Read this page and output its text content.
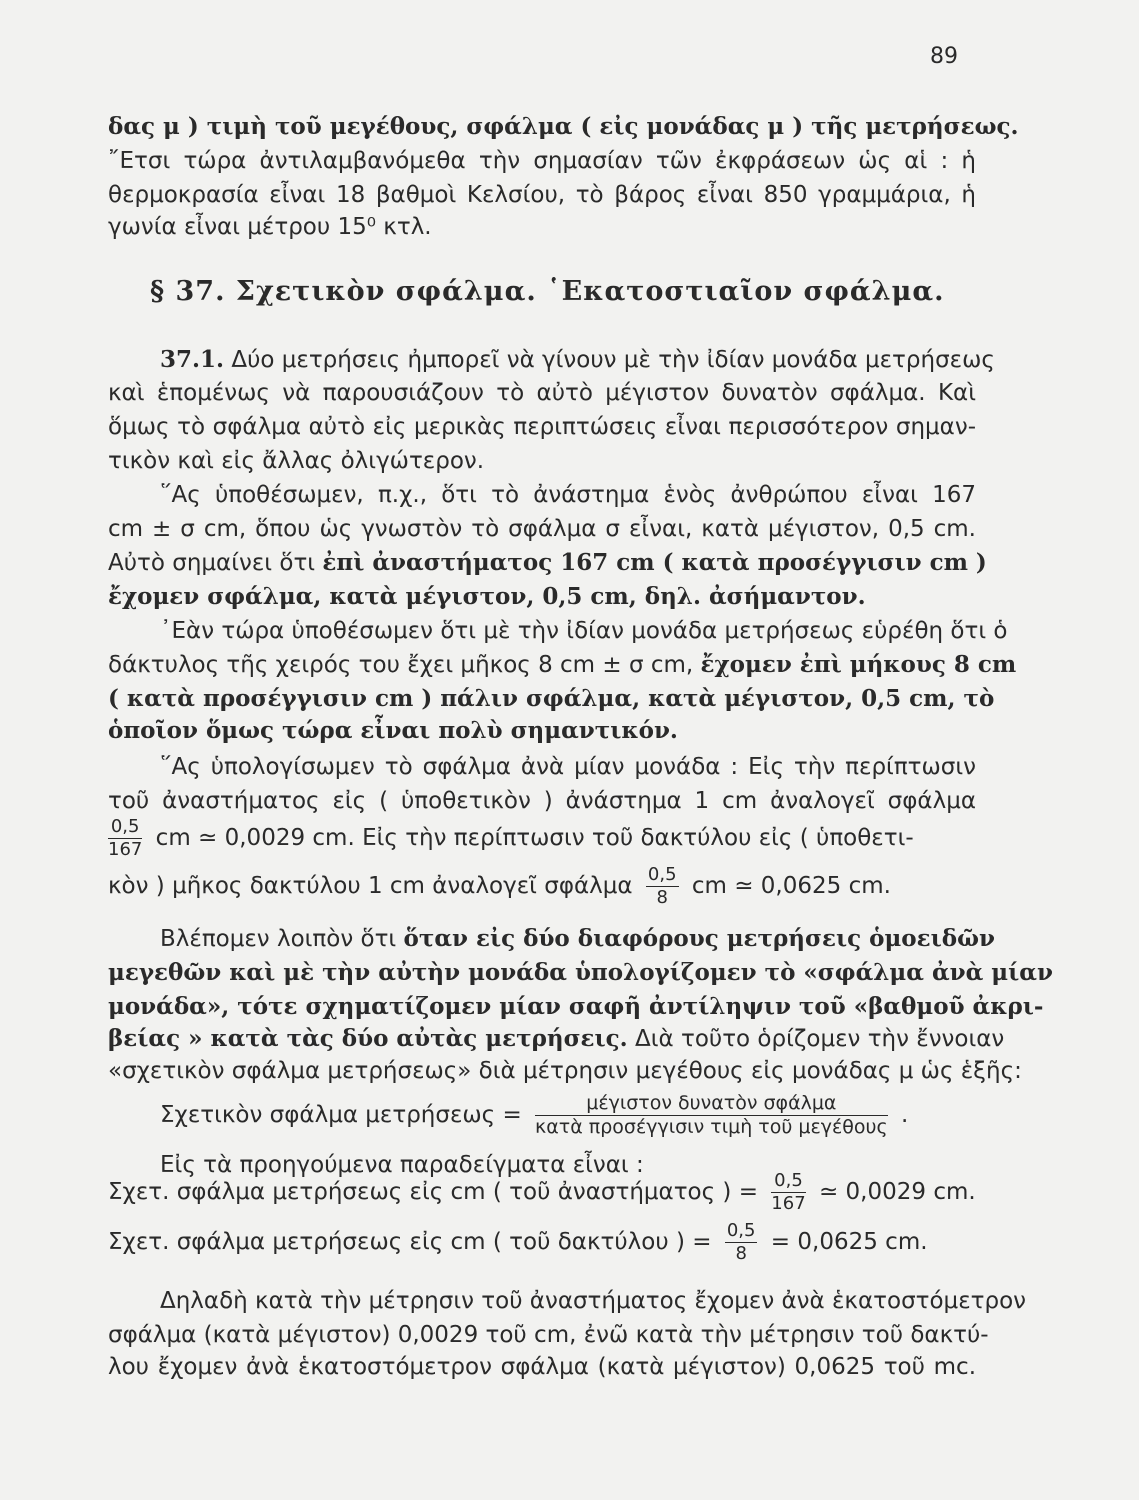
89
δας μ ) τιμὴ τοῦ μεγέθους, σφάλμα ( εἰς μονάδας μ ) τῆς μετρήσεως.
῎Ετσι τώρα ἀντιλαμβανόμεθα τὴν σημασίαν τῶν ἐκφράσεων ὡς αἱ : ἡ
θερμοκρασία εἶναι 18 βαθμοὶ Κελσίου, τὸ βάρος εἶναι 850 γραμμάρια, ἡ
γωνία εἶναι μέτρου 15⁰ κτλ.
§ 37. Σχετικὸν σφάλμα. ῾Εκατοστιαῖον σφάλμα.
37.1. Δύο μετρήσεις ἠμπορεῖ νὰ γίνουν μὲ τὴν ἰδίαν μονάδα μετρήσεως
καὶ ἑπομένως νὰ παρουσιάζουν τὸ αὐτὸ μέγιστον δυνατὸν σφάλμα. Καὶ
ὅμως τὸ σφάλμα αὐτὸ εἰς μερικὰς περιπτώσεις εἶναι περισσότερον σημαν-
τικὸν καὶ εἰς ἄλλας ὀλιγώτερον.
῞Ας ὑποθέσωμεν, π.χ., ὅτι τὸ ἀνάστημα ἑνὸς ἀνθρώπου εἶναι 167
cm ± σ cm, ὅπου ὡς γνωστὸν τὸ σφάλμα σ εἶναι, κατὰ μέγιστον, 0,5 cm.
Αὐτὸ σημαίνει ὅτι ἐπὶ ἀναστήματος 167 cm ( κατὰ προσέγγισιν cm )
ἔχομεν σφάλμα, κατὰ μέγιστον, 0,5 cm, δηλ. ἀσήμαντον.
᾿Εὰν τώρα ὑποθέσωμεν ὅτι μὲ τὴν ἰδίαν μονάδα μετρήσεως εὑρέθη ὅτι ὁ
δάκτυλος τῆς χειρός του ἔχει μῆκος 8 cm ± σ cm, ἔχομεν ἐπὶ μήκους 8 cm
( κατὰ προσέγγισιν cm ) πάλιν σφάλμα, κατὰ μέγιστον, 0,5 cm, τὸ
ὁποῖον ὅμως τώρα εἶναι πολὺ σημαντικόν.
῞Ας ὑπολογίσωμεν τὸ σφάλμα ἀνὰ μίαν μονάδα : Εἰς τὴν περίπτωσιν
τοῦ ἀναστήματος εἰς ( ὑποθετικὸν ) ἀνάστημα 1 cm ἀναλογεῖ σφάλμα
$\frac{0,5}{167}$ cm ≃ 0,0029 cm. Εἰς τὴν περίπτωσιν τοῦ δακτύλου εἰς ( ὑποθετι-
κὸν ) μῆκος δακτύλου 1 cm ἀναλογεῖ σφάλμα $\frac{0,5}{8}$ cm ≃ 0,0625 cm.
Βλέπομεν λοιπὸν ὅτι ὅταν εἰς δύο διαφόρους μετρήσεις ὁμοειδῶν
μεγεθῶν καὶ μὲ τὴν αὐτὴν μονάδα ὑπολογίζομεν τὸ «σφάλμα ἀνὰ μίαν
μονάδα», τότε σχηματίζομεν μίαν σαφῆ ἀντίληψιν τοῦ «βαθμοῦ ἀκρι-
βείας » κατὰ τὰς δύο αὐτὰς μετρήσεις. Διὰ τοῦτο ὁρίζομεν τὴν ἔννοιαν
«σχετικὸν σφάλμα μετρήσεως» διὰ μέτρησιν μεγέθους εἰς μονάδας μ ὡς ἑξῆς:
Σχετικὸν σφάλμα $\mu\varepsilon\tau\rho ή\sigma\varepsilon\omega\varsigma = \frac{\text{μέγιστον δυνατὸν σφάλμα}}{\text{κατὰ προσέγγισιν τιμὴ τοῦ μεγέθους}}$ .
Εἰς τὰ προηγούμενα παραδείγματα εἶναι :
Σχετ. σφάλμα μετρήσεως εἰς cm ( τοῦ ἀναστήματος ) = $\frac{0,5}{167}$ ≃ 0,0029 cm.
Σχετ. σφάλμα μετρήσεως εἰς cm ( τοῦ δακτύλου ) = $\frac{0,5}{8} = 0,0625$ cm.
Δηλαδὴ κατὰ τὴν μέτρησιν τοῦ ἀναστήματος ἔχομεν ἀνὰ ἑκατοστόμετρον
σφάλμα (κατὰ μέγιστον) 0,0029 τοῦ cm, ἐνῶ κατὰ τὴν μέτρησιν τοῦ δακτύ-
λου ἔχομεν ἀνὰ ἑκατοστόμετρον σφάλμα (κατὰ μέγιστον) 0,0625 τοῦ mc.
